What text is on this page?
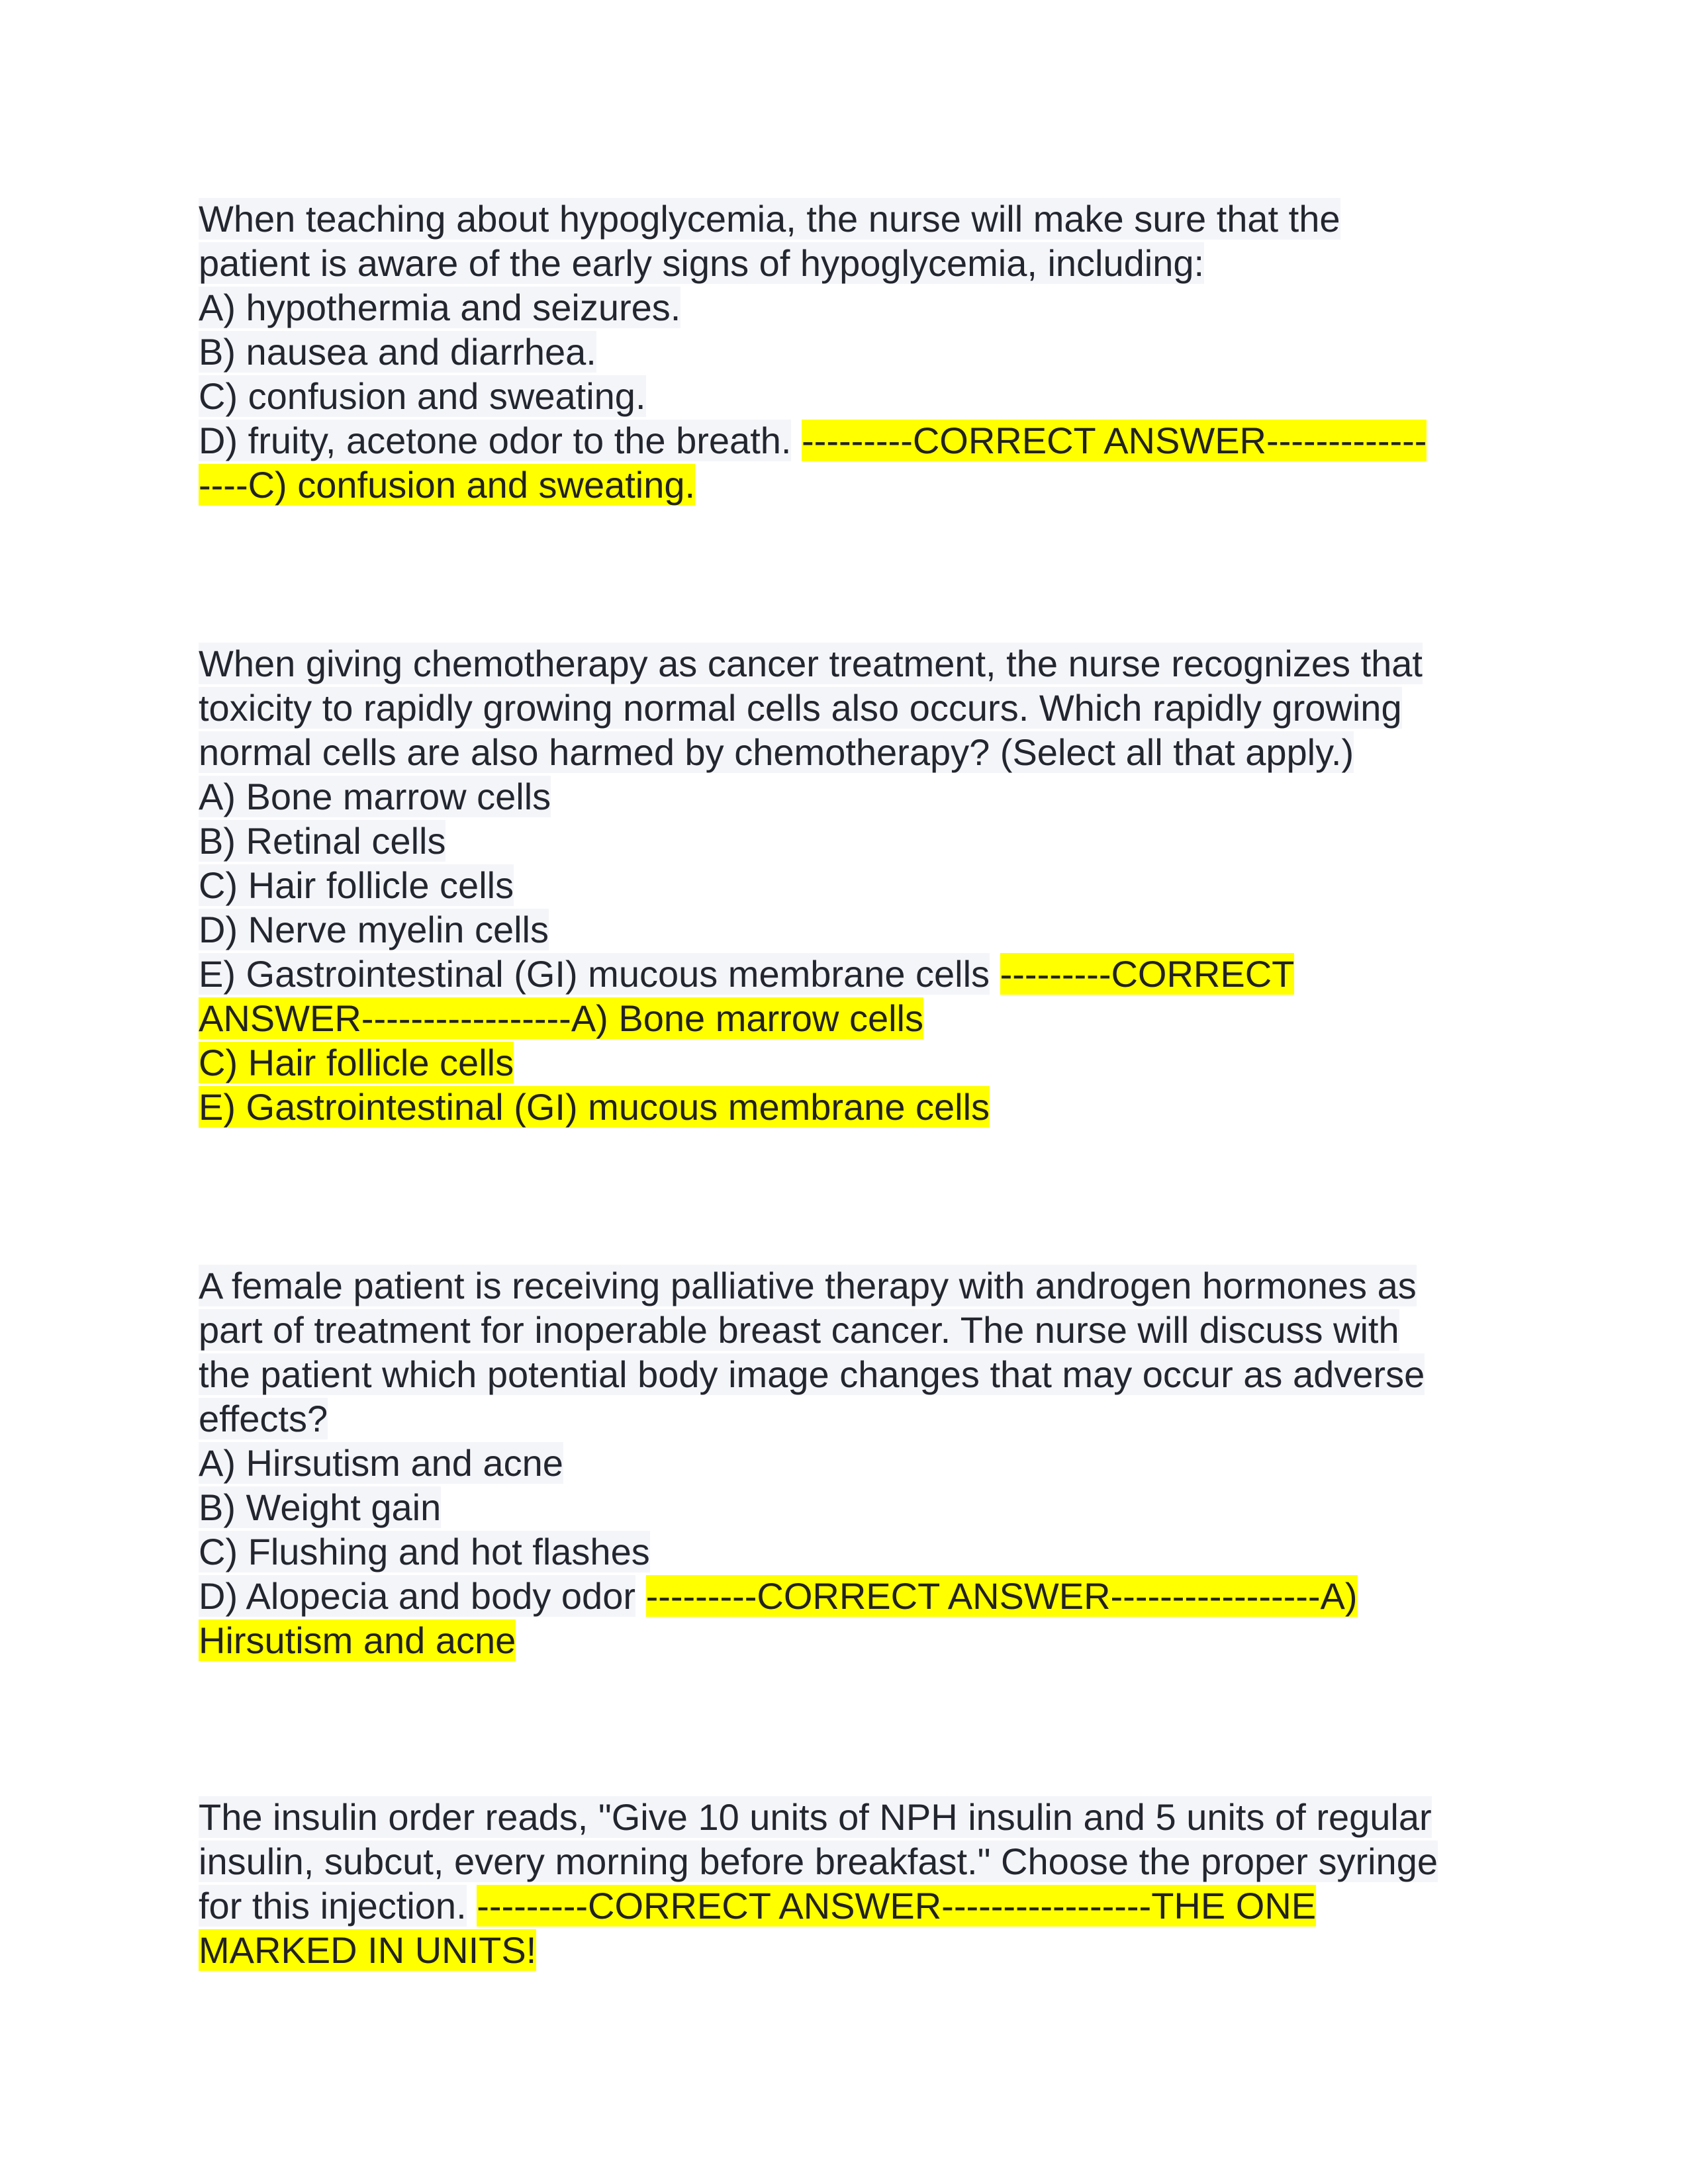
When teaching about hypoglycemia, the nurse will make sure that the
patient is aware of the early signs of hypoglycemia, including:
A) hypothermia and seizures.
B) nausea and diarrhea.
C) confusion and sweating.
D) fruity, acetone odor to the breath. ---------CORRECT ANSWER-------------
----C) confusion and sweating.
When giving chemotherapy as cancer treatment, the nurse recognizes that
toxicity to rapidly growing normal cells also occurs. Which rapidly growing
normal cells are also harmed by chemotherapy? (Select all that apply.)
A) Bone marrow cells
B) Retinal cells
C) Hair follicle cells
D) Nerve myelin cells
E) Gastrointestinal (GI) mucous membrane cells ---------CORRECT
ANSWER-----------------A) Bone marrow cells
C) Hair follicle cells
E) Gastrointestinal (GI) mucous membrane cells
A female patient is receiving palliative therapy with androgen hormones as
part of treatment for inoperable breast cancer. The nurse will discuss with
the patient which potential body image changes that may occur as adverse
effects?
A) Hirsutism and acne
B) Weight gain
C) Flushing and hot flashes
D) Alopecia and body odor ---------CORRECT ANSWER-----------------A)
Hirsutism and acne
The insulin order reads, "Give 10 units of NPH insulin and 5 units of regular
insulin, subcut, every morning before breakfast." Choose the proper syringe
for this injection. ---------CORRECT ANSWER-----------------THE ONE
MARKED IN UNITS!
